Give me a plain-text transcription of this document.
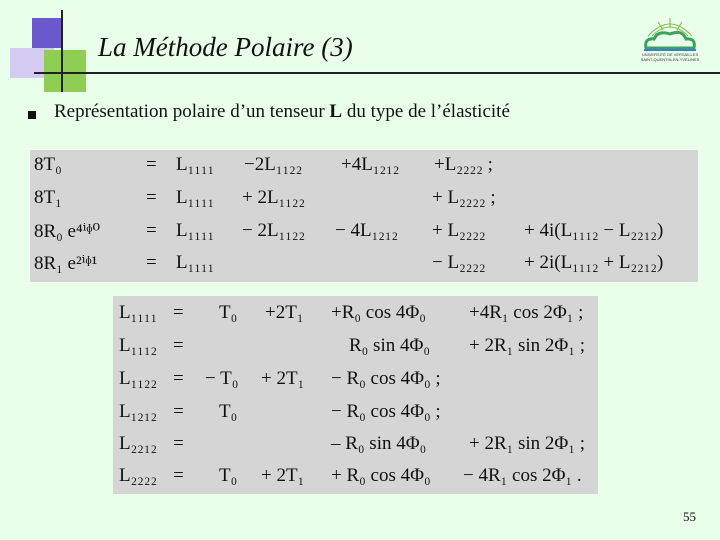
La Méthode Polaire (3)	UNIVERSITÉ DE VERSAILLES
SAINT-QUENTIN-EN-YVELINES
Représentation polaire d’un tenseur L du type de l’élasticité
8T₀	= L₁₁₁₁ −2L₁₁₂₂ +4L₁₂₁₂ +L₂₂₂₂ ;
8T₁	= L₁₁₁₁ + 2L₁₁₂₂	+ L₂₂₂₂ ;
8R₀ e⁴ⁱᶲ⁰ = L₁₁₁₁ − 2L₁₁₂₂ − 4L₁₂₁₂ + L₂₂₂₂ + 4i(L₁₁₁₂ − L₂₂₁₂)
8R₁ e²ⁱᶲ¹	= L₁₁₁₁	− L₂₂₂₂ + 2i(L₁₁₁₂ + L₂₂₁₂)
L₁₁₁₁ = T₀ +2T₁ +R₀ cos 4Φ₀ +4R₁ cos 2Φ₁ ;
L₁₁₁₂ =	R₀ sin 4Φ₀ + 2R₁ sin 2Φ₁ ;
L₁₁₂₂ = − T₀ + 2T₁ − R₀ cos 4Φ₀ ;
L₁₂₁₂ = T₀	− R₀ cos 4Φ₀ ;
L₂₂₁₂ =	– R₀ sin 4Φ₀ + 2R₁ sin 2Φ₁ ;
L₂₂₂₂ = T₀ + 2T₁ + R₀ cos 4Φ₀ − 4R₁ cos 2Φ₁ .
55
